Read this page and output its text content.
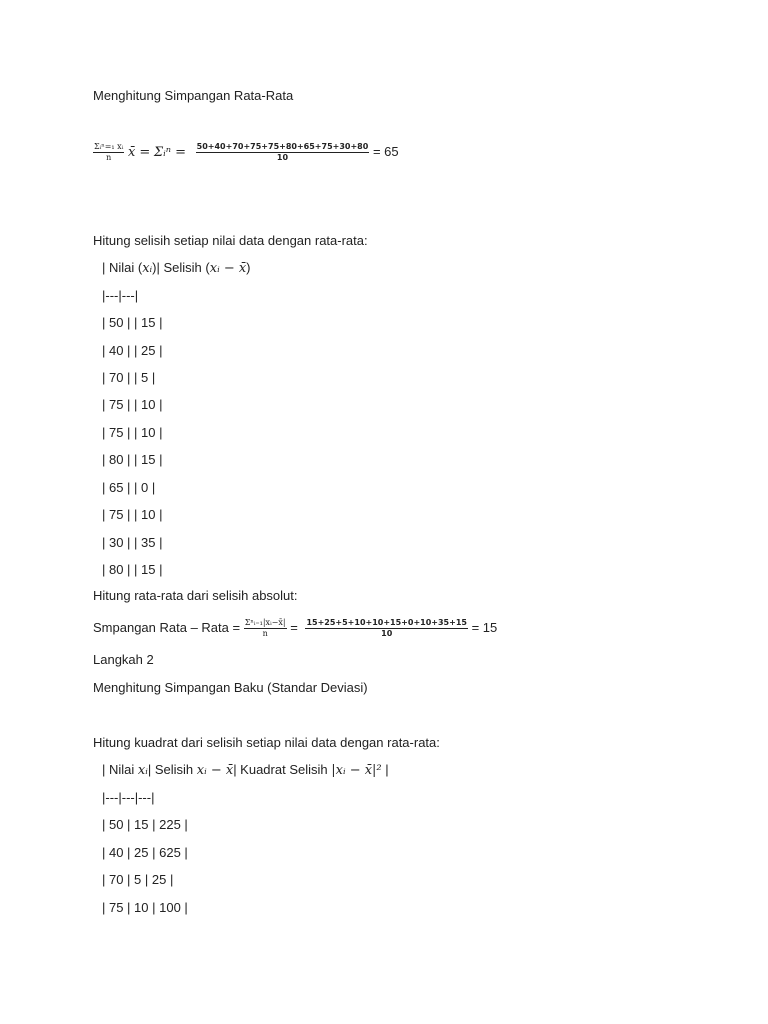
Menghitung Simpangan Rata-Rata
$\frac{\text{Σᵢⁿ=₁ xᵢ}}{n}$ x̄ = Σᵢⁿ = $\frac{50+40+70+75+75+80+65+75+30+80}{10} = 65$
Hitung selisih setiap nilai data dengan rata-rata:
| Nilai (xᵢ)| Selisih (xᵢ − x̄)
|---|---|
| 50 | | 15 |
| 40 | | 25 |
| 70 | | 5 |
| 75 | | 10 |
| 75 | | 10 |
| 80 | | 15 |
| 65 | | 0 |
| 75 | | 10 |
| 30 | | 35 |
| 80 | | 15 |
Hitung rata-rata dari selisih absolut:
Smpangan Rata – Rata = $\frac{\text{Σⁿᵢ₌₁|xᵢ−x̄|}}{n} = \frac{15+25+5+10+10+15+0+10+35+15}{10} = 15$
Langkah 2
Menghitung Simpangan Baku (Standar Deviasi)
Hitung kuadrat dari selisih setiap nilai data dengan rata-rata:
| Nilai xᵢ| Selisih xᵢ − x̄| Kuadrat Selisih |xᵢ − x̄|² |
|---|---|---|
| 50 | 15 | 225 |
| 40 | 25 | 625 |
| 70 | 5 | 25 |
| 75 | 10 | 100 |
